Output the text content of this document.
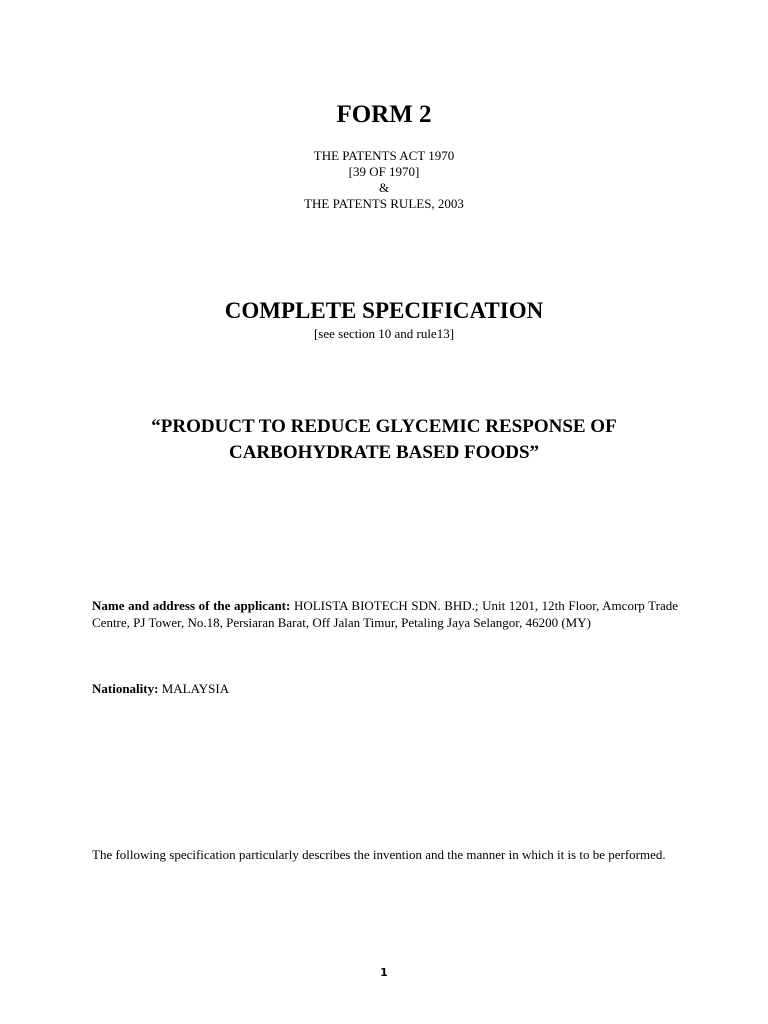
FORM 2
THE PATENTS ACT 1970
[39 OF 1970]
&
THE PATENTS RULES, 2003
COMPLETE SPECIFICATION
[see section 10 and rule13]
“PRODUCT TO REDUCE GLYCEMIC RESPONSE OF
CARBOHYDRATE BASED FOODS”
Name and address of the applicant: HOLISTA BIOTECH SDN. BHD.; Unit 1201, 12th Floor, Amcorp Trade Centre, PJ Tower, No.18, Persiaran Barat, Off Jalan Timur, Petaling Jaya Selangor, 46200 (MY)
Nationality: MALAYSIA
The following specification particularly describes the invention and the manner in which it is to be performed.
1
